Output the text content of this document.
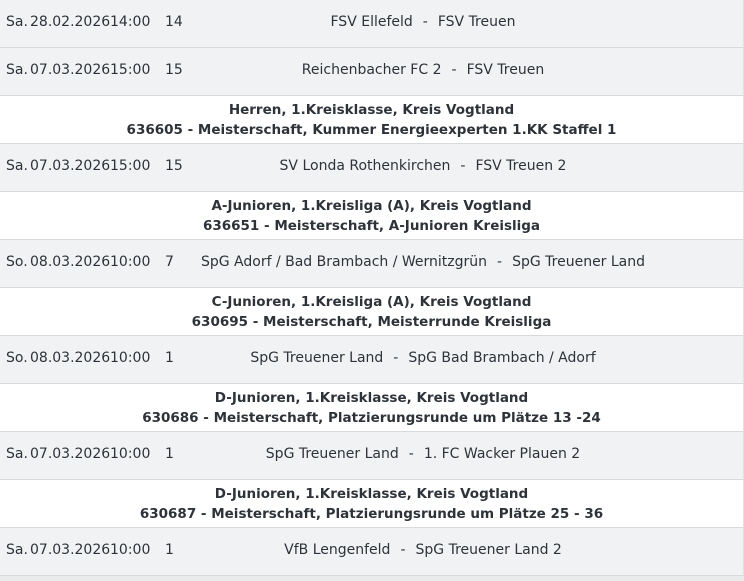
Sa. 28.02.2026 14:00 14	FSV Ellefeld - FSV Treuen
Sa. 07.03.2026 15:00 15	Reichenbacher FC 2 - FSV Treuen
Herren, 1.Kreisklasse, Kreis Vogtland
636605 - Meisterschaft, Kummer Energieexperten 1.KK Staffel 1
Sa. 07.03.2026 15:00 15	SV Londa Rothenkirchen - FSV Treuen 2
A-Junioren, 1.Kreisliga (A), Kreis Vogtland
636651 - Meisterschaft, A-Junioren Kreisliga
So. 08.03.2026 10:00 7	SpG Adorf / Bad Brambach / Wernitzgrün - SpG Treuener Land
C-Junioren, 1.Kreisliga (A), Kreis Vogtland
630695 - Meisterschaft, Meisterrunde Kreisliga
So. 08.03.2026 10:00 1	SpG Treuener Land - SpG Bad Brambach / Adorf
D-Junioren, 1.Kreisklasse, Kreis Vogtland
630686 - Meisterschaft, Platzierungsrunde um Plätze 13 -24
Sa. 07.03.2026 10:00 1	SpG Treuener Land - 1. FC Wacker Plauen 2
D-Junioren, 1.Kreisklasse, Kreis Vogtland
630687 - Meisterschaft, Platzierungsrunde um Plätze 25 - 36
Sa. 07.03.2026 10:00 1	VfB Lengenfeld - SpG Treuener Land 2
